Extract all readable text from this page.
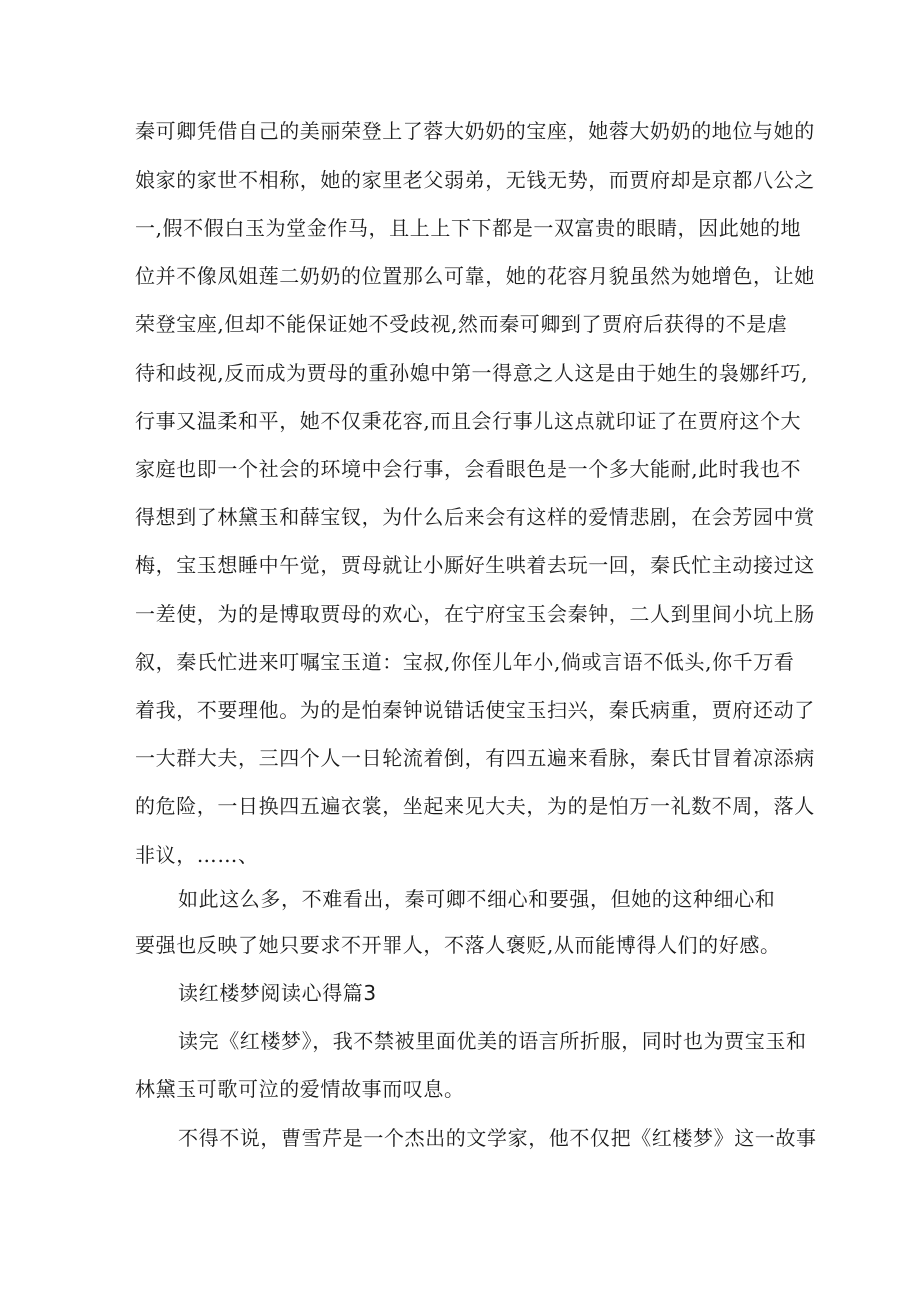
秦可卿凭借自己的美丽荣登上了蓉大奶奶的宝座，她蓉大奶奶的地位与她的
娘家的家世不相称，她的家里老父弱弟，无钱无势，而贾府却是京都八公之
一,假不假白玉为堂金作马，且上上下下都是一双富贵的眼睛，因此她的地
位并不像凤姐莲二奶奶的位置那么可靠，她的花容月貌虽然为她增色，让她
荣登宝座,但却不能保证她不受歧视,然而秦可卿到了贾府后获得的不是虐
待和歧视,反而成为贾母的重孙媳中第一得意之人这是由于她生的袅娜纤巧,
行事又温柔和平，她不仅秉花容,而且会行事儿这点就印证了在贾府这个大
家庭也即一个社会的环境中会行事，会看眼色是一个多大能耐,此时我也不
得想到了林黛玉和薛宝钗，为什么后来会有这样的爱情悲剧，在会芳园中赏
梅，宝玉想睡中午觉，贾母就让小厮好生哄着去玩一回，秦氏忙主动接过这
一差使，为的是博取贾母的欢心，在宁府宝玉会秦钟，二人到里间小坑上肠
叙，秦氏忙进来叮嘱宝玉道：宝叔,你侄儿年小,倘或言语不低头,你千万看
着我，不要理他。为的是怕秦钟说错话使宝玉扫兴，秦氏病重，贾府还动了
一大群大夫，三四个人一日轮流着倒，有四五遍来看脉，秦氏甘冒着凉添病
的危险，一日换四五遍衣裳，坐起来见大夫，为的是怕万一礼数不周，落人
非议，……、
如此这么多，不难看出，秦可卿不细心和要强，但她的这种细心和
要强也反映了她只要求不开罪人，不落人褒贬,从而能博得人们的好感。
读红楼梦阅读心得篇3
读完《红楼梦》，我不禁被里面优美的语言所折服，同时也为贾宝玉和
林黛玉可歌可泣的爱情故事而叹息。
不得不说，曹雪芹是一个杰出的文学家，他不仅把《红楼梦》这一故事
